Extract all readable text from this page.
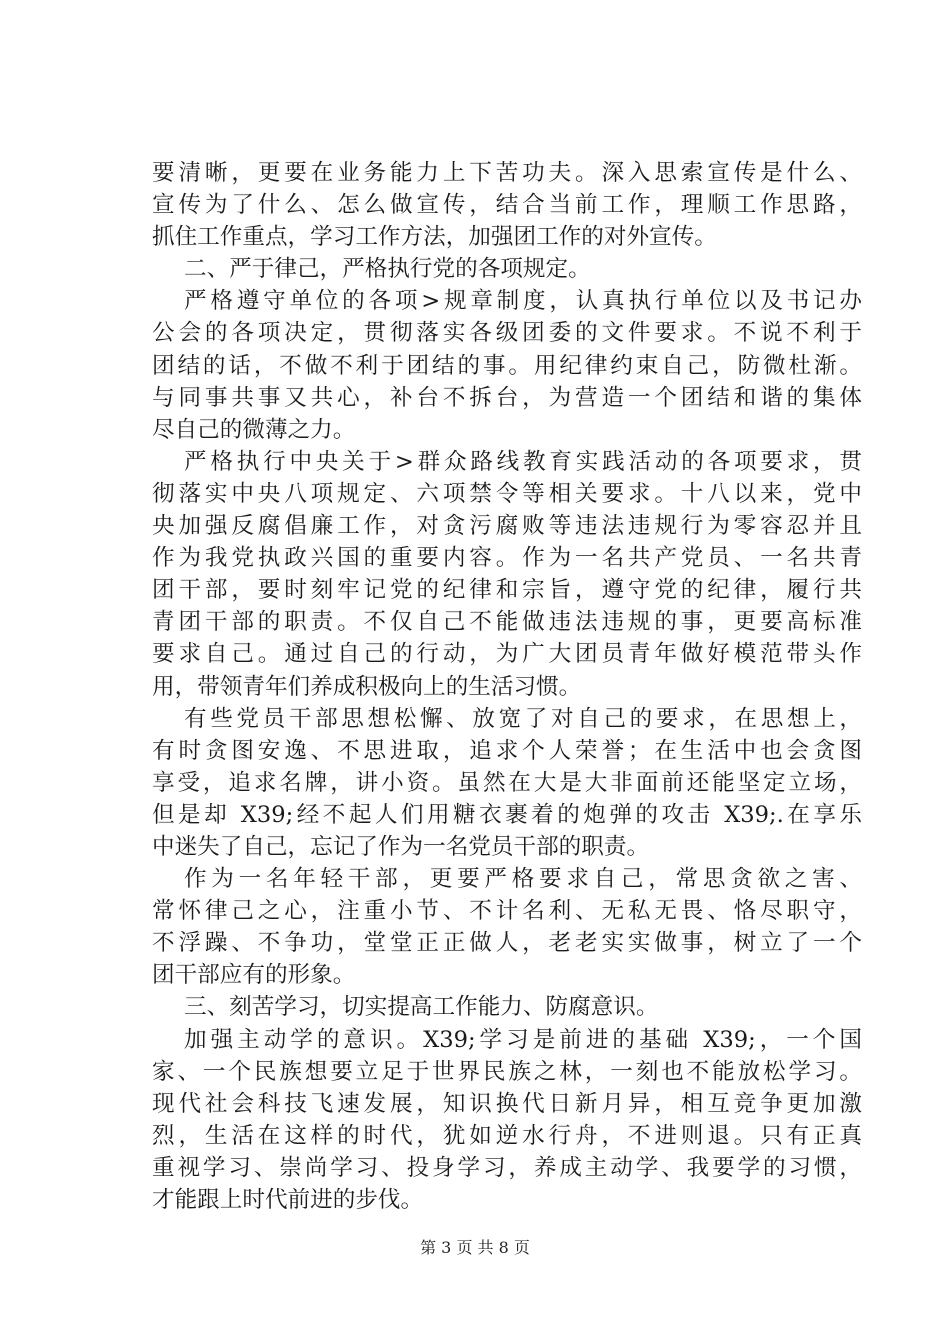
要清晰，更要在业务能力上下苦功夫。深入思索宣传是什么、
宣传为了什么、怎么做宣传，结合当前工作，理顺工作思路，
抓住工作重点，学习工作方法，加强团工作的对外宣传。
二、严于律己，严格执行党的各项规定。
严格遵守单位的各项>规章制度，认真执行单位以及书记办
公会的各项决定，贯彻落实各级团委的文件要求。不说不利于
团结的话，不做不利于团结的事。用纪律约束自己，防微杜渐。
与同事共事又共心，补台不拆台，为营造一个团结和谐的集体
尽自己的微薄之力。
严格执行中央关于>群众路线教育实践活动的各项要求，贯
彻落实中央八项规定、六项禁令等相关要求。十八以来，党中
央加强反腐倡廉工作，对贪污腐败等违法违规行为零容忍并且
作为我党执政兴国的重要内容。作为一名共产党员、一名共青
团干部，要时刻牢记党的纪律和宗旨，遵守党的纪律，履行共
青团干部的职责。不仅自己不能做违法违规的事，更要高标准
要求自己。通过自己的行动，为广大团员青年做好模范带头作
用，带领青年们养成积极向上的生活习惯。
有些党员干部思想松懈、放宽了对自己的要求，在思想上，
有时贪图安逸、不思进取，追求个人荣誉；在生活中也会贪图
享受，追求名牌，讲小资。虽然在大是大非面前还能坚定立场，
但是却 X39;经不起人们用糖衣裹着的炮弹的攻击 X39;.在享乐
中迷失了自己，忘记了作为一名党员干部的职责。
作为一名年轻干部，更要严格要求自己，常思贪欲之害、
常怀律己之心，注重小节、不计名利、无私无畏、恪尽职守，
不浮躁、不争功，堂堂正正做人，老老实实做事，树立了一个
团干部应有的形象。
三、刻苦学习，切实提高工作能力、防腐意识。
加强主动学的意识。X39;学习是前进的基础 X39;，一个国
家、一个民族想要立足于世界民族之林，一刻也不能放松学习。
现代社会科技飞速发展，知识换代日新月异，相互竞争更加激
烈，生活在这样的时代，犹如逆水行舟，不进则退。只有正真
重视学习、崇尚学习、投身学习，养成主动学、我要学的习惯，
才能跟上时代前进的步伐。
第 3 页 共 8 页
